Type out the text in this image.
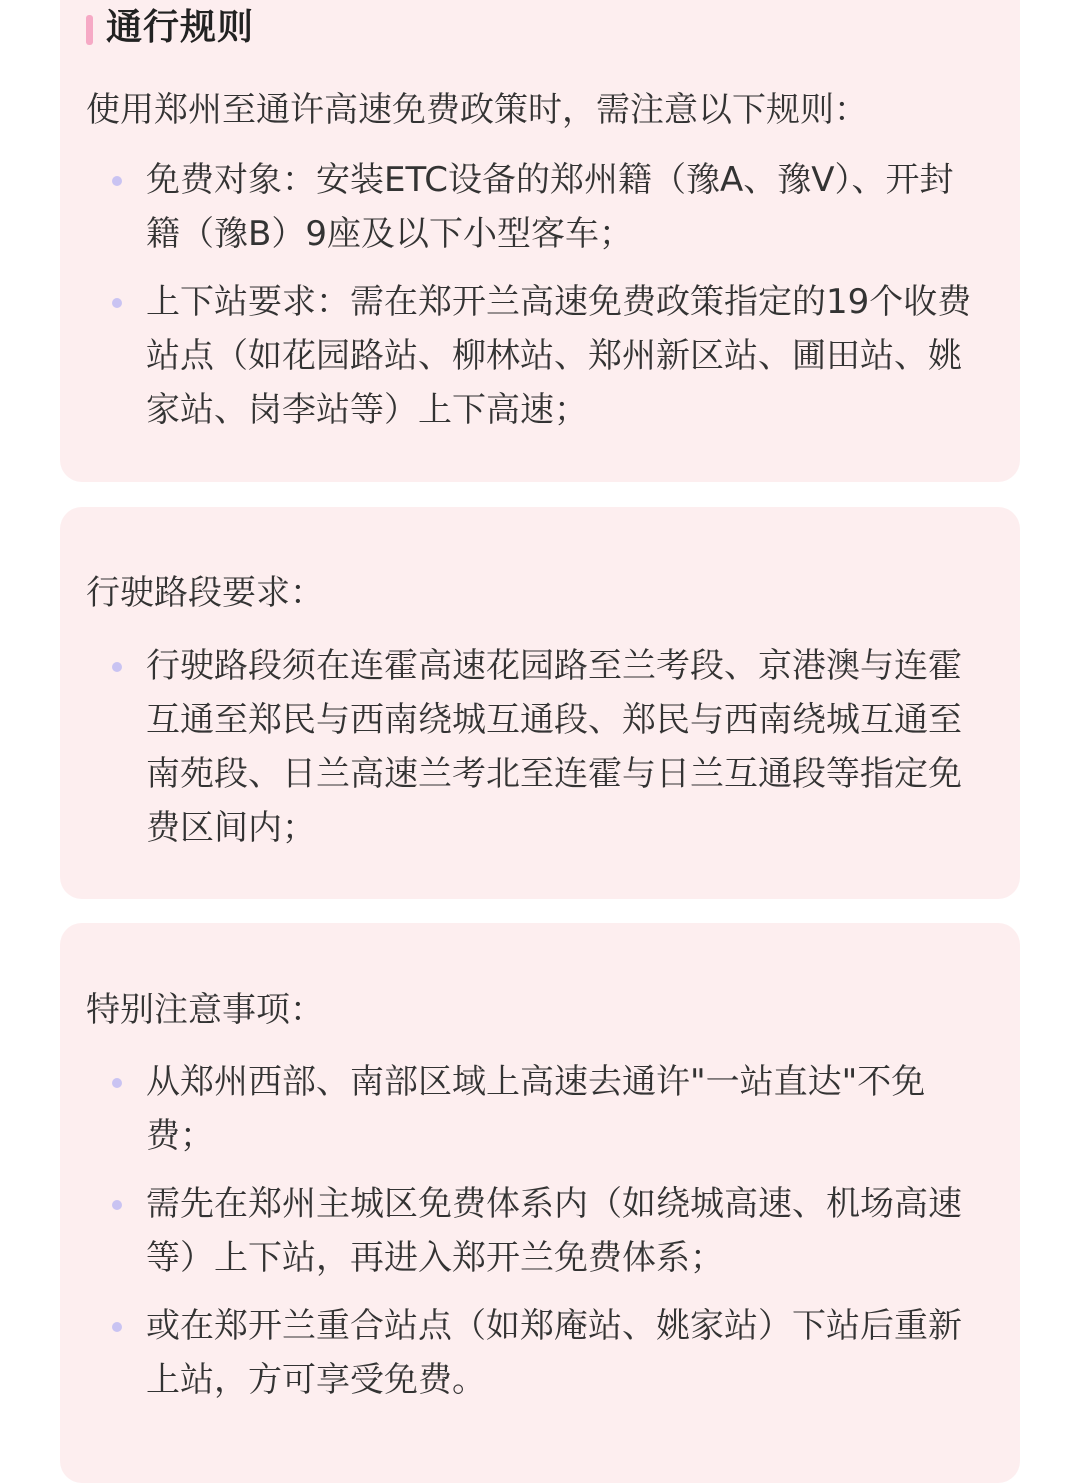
通行规则
使用郑州至通许高速免费政策时，需注意以下规则：
免费对象：安装ETC设备的郑州籍（豫A、豫V）、开封籍（豫B）9座及以下小型客车；
上下站要求：需在郑开兰高速免费政策指定的19个收费站点（如花园路站、柳林站、郑州新区站、圃田站、姚家站、岗李站等）上下高速；
行驶路段要求：
行驶路段须在连霍高速花园路至兰考段、京港澳与连霍互通至郑民与西南绕城互通段、郑民与西南绕城互通至南苑段、日兰高速兰考北至连霍与日兰互通段等指定免费区间内；
特别注意事项：
从郑州西部、南部区域上高速去通许"一站直达"不免费；
需先在郑州主城区免费体系内（如绕城高速、机场高速等）上下站，再进入郑开兰免费体系；
或在郑开兰重合站点（如郑庵站、姚家站）下站后重新上站，方可享受免费。
